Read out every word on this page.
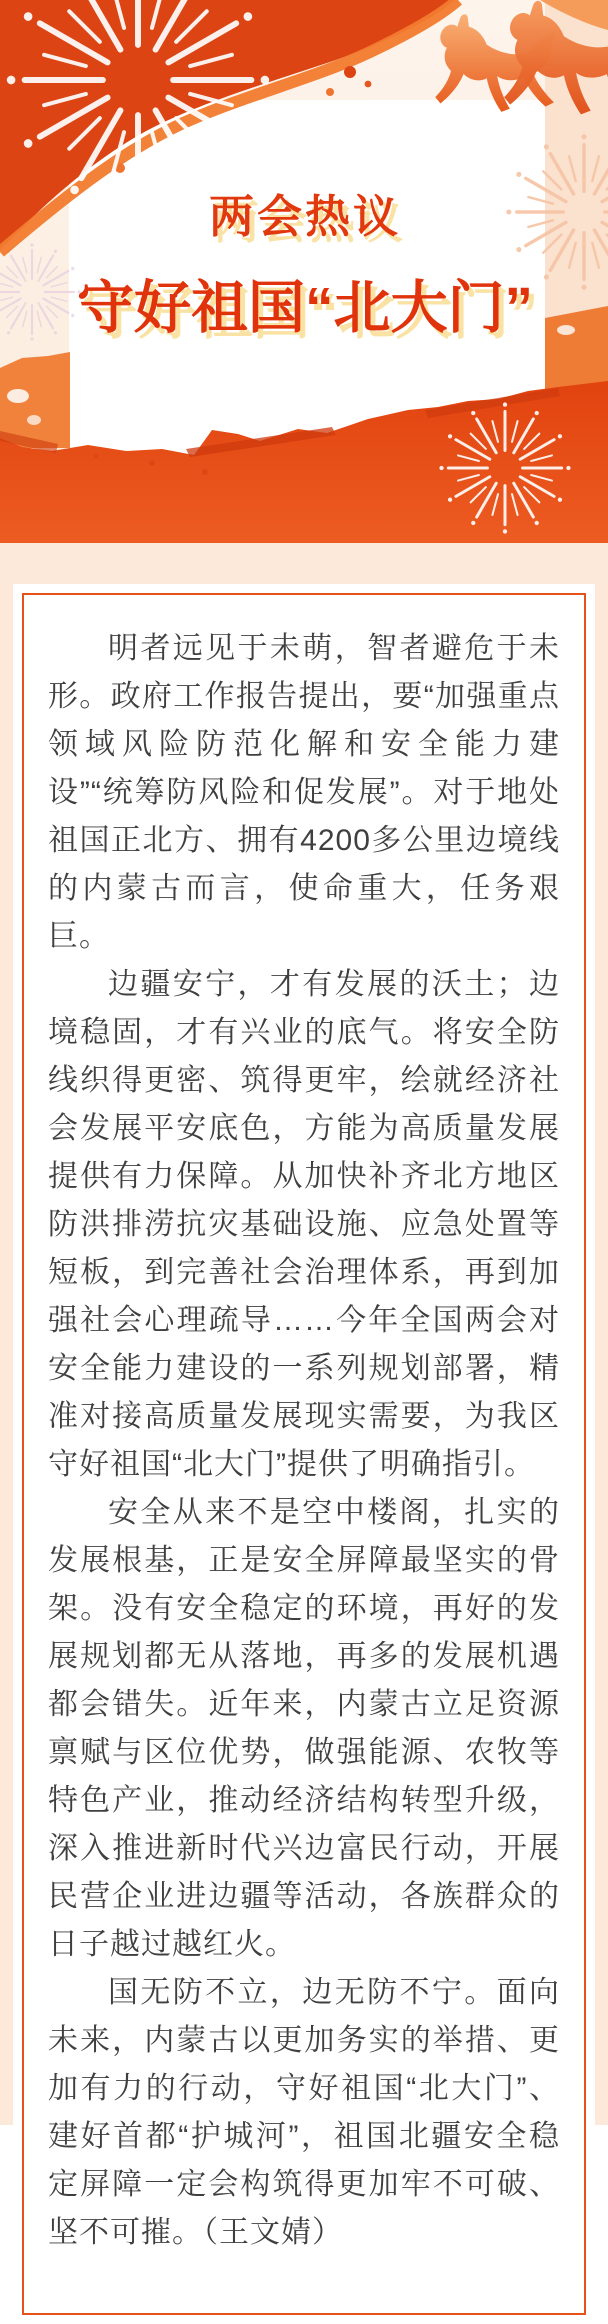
两会热议
守好祖国“北大门”

明者远见于未萌，智者避危于未形。政府工作报告提出，要“加强重点领域风险防范化解和安全能力建设”“统筹防风险和促发展”。对于地处祖国正北方、拥有4200多公里边境线的内蒙古而言，使命重大，任务艰巨。

边疆安宁，才有发展的沃土；边境稳固，才有兴业的底气。将安全防线织得更密、筑得更牢，绘就经济社会发展平安底色，方能为高质量发展提供有力保障。从加快补齐北方地区防洪排涝抗灾基础设施、应急处置等短板，到完善社会治理体系，再到加强社会心理疏导……今年全国两会对安全能力建设的一系列规划部署，精准对接高质量发展现实需要，为我区守好祖国“北大门”提供了明确指引。

安全从来不是空中楼阁，扎实的发展根基，正是安全屏障最坚实的骨架。没有安全稳定的环境，再好的发展规划都无从落地，再多的发展机遇都会错失。近年来，内蒙古立足资源禀赋与区位优势，做强能源、农牧等特色产业，推动经济结构转型升级，深入推进新时代兴边富民行动，开展民营企业进边疆等活动，各族群众的日子越过越红火。

国无防不立，边无防不宁。面向未来，内蒙古以更加务实的举措、更加有力的行动，守好祖国“北大门”、建好首都“护城河”，祖国北疆安全稳定屏障一定会构筑得更加牢不可破、坚不可摧。（王文婧）
